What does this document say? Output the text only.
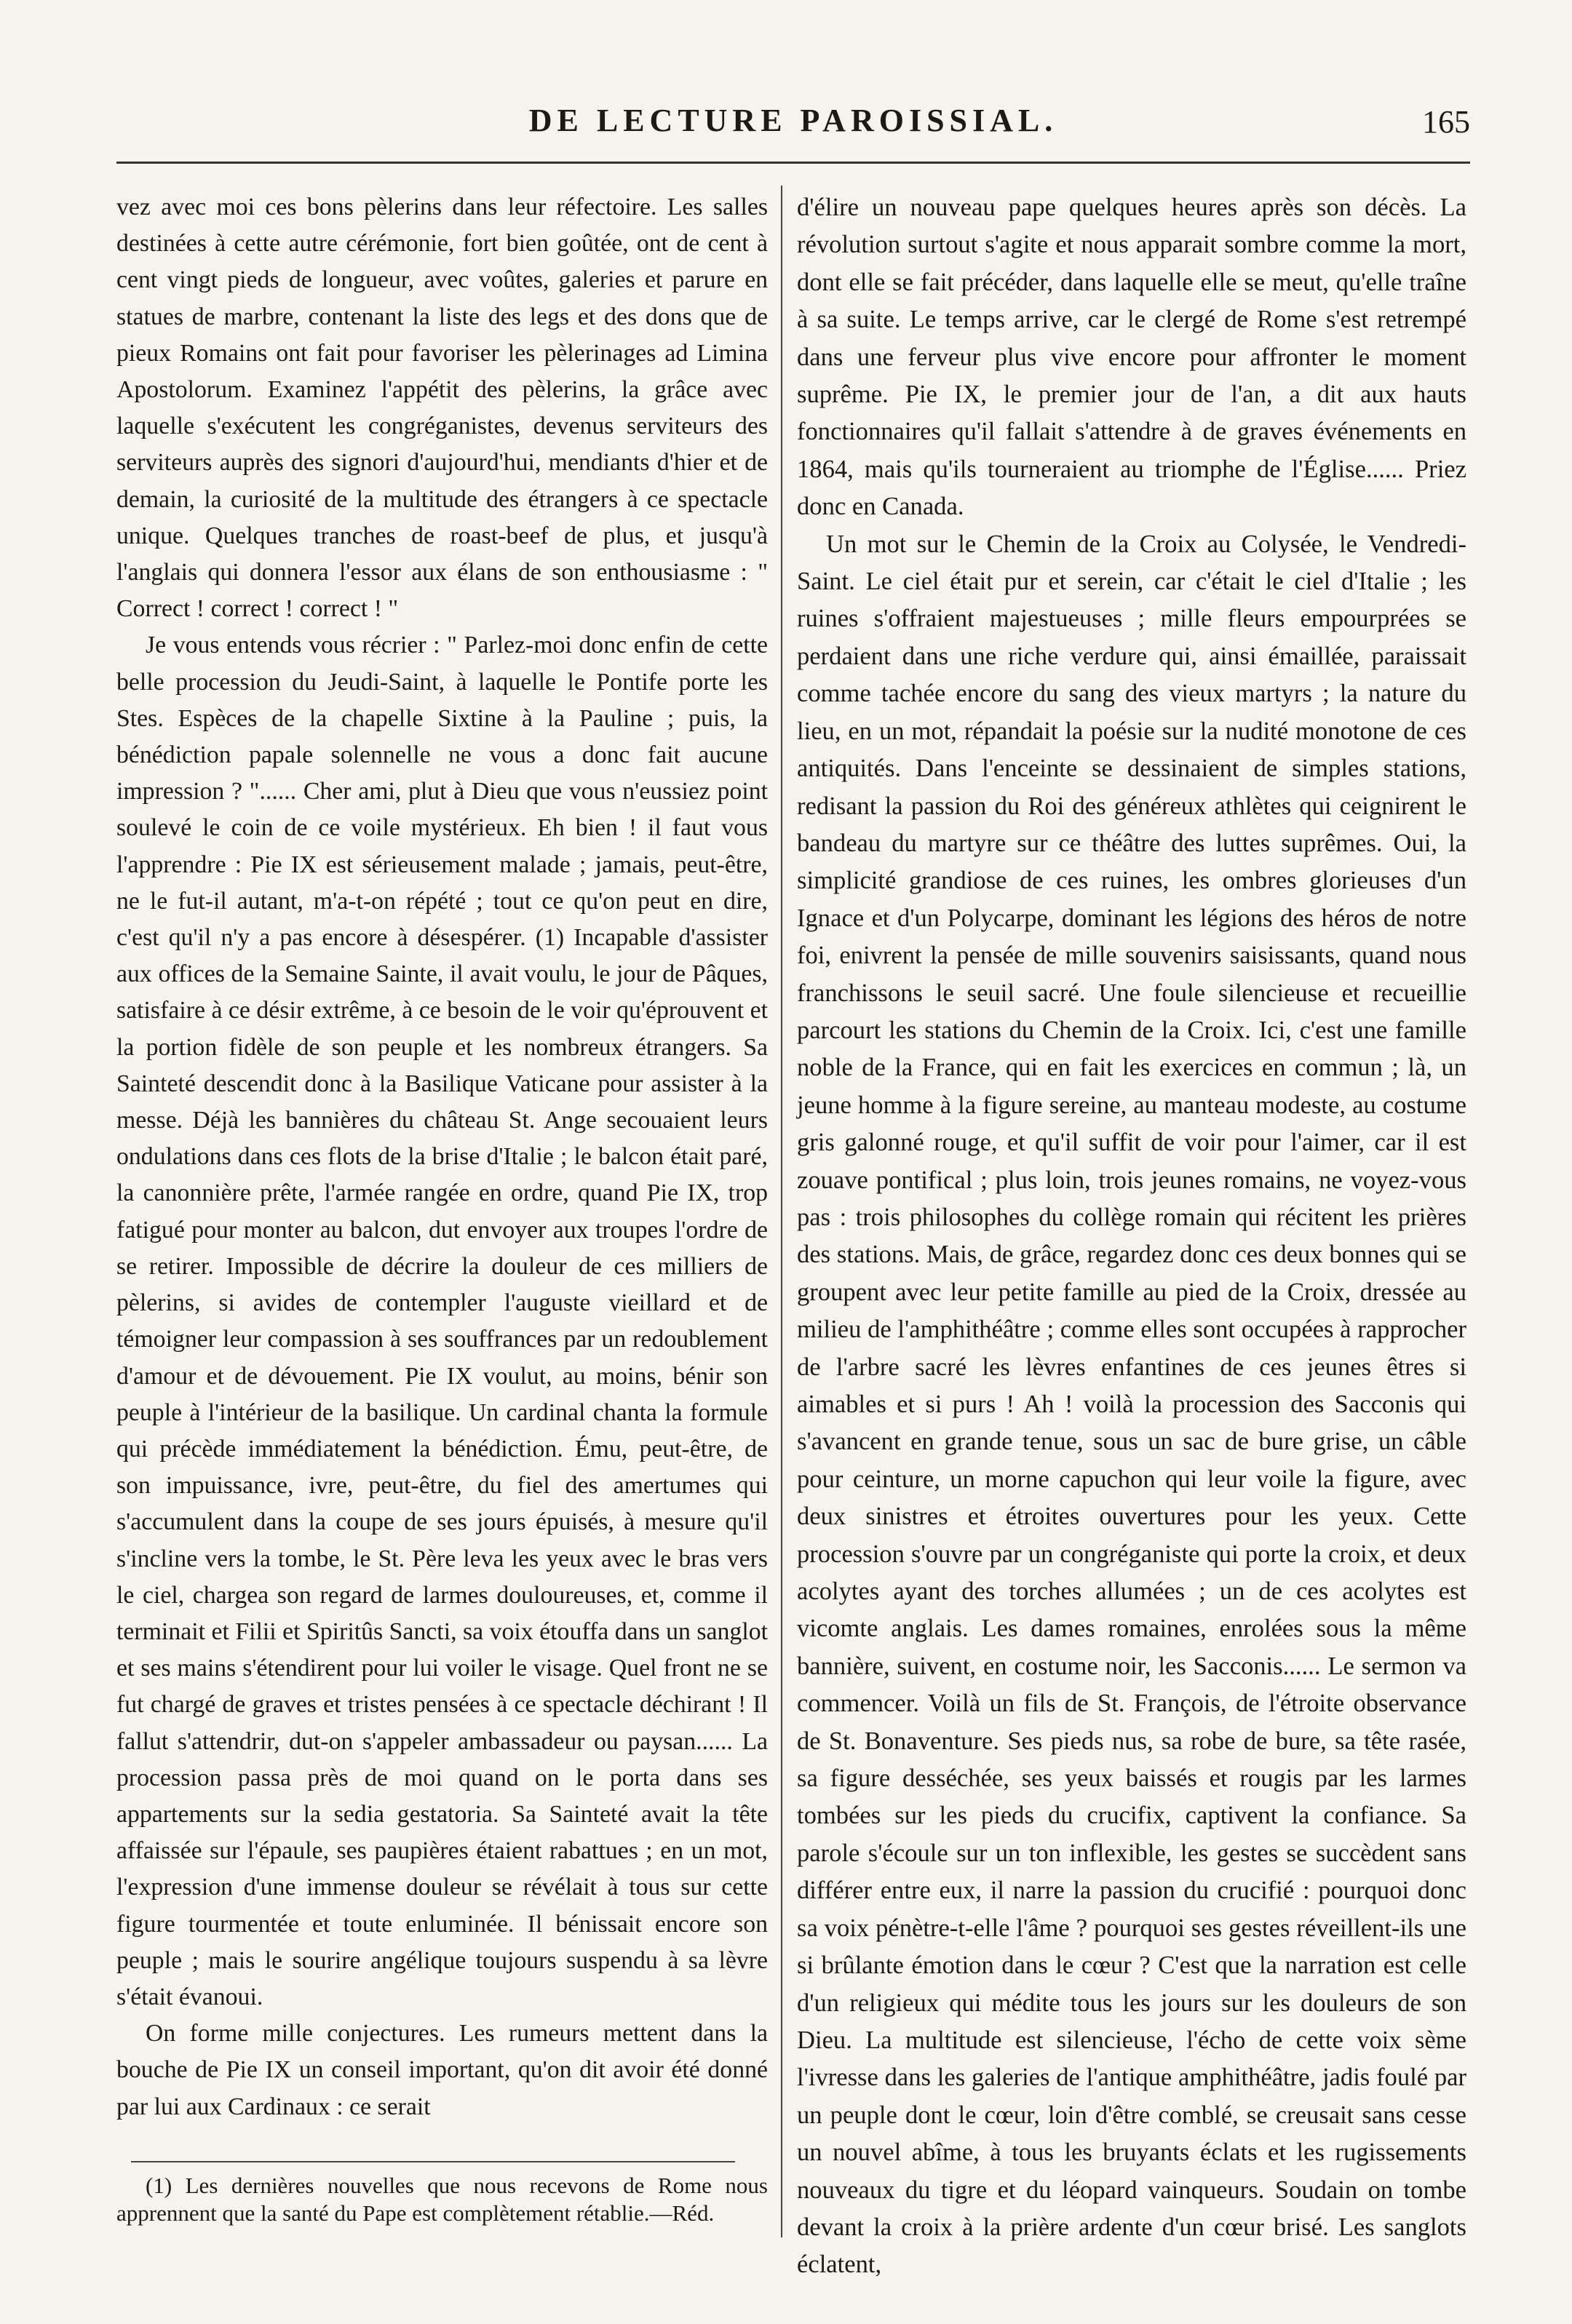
DE LECTURE PAROISSIAL.	165

vez avec moi ces bons pèlerins dans leur réfectoire. Les salles destinées à cette autre cérémonie, fort bien goûtée, ont de cent à cent vingt pieds de longueur, avec voûtes, galeries et parure en statues de marbre, contenant la liste des legs et des dons que de pieux Romains ont fait pour favoriser les pèlerinages ad Limina Apostolorum. Examinez l'appétit des pèlerins, la grâce avec laquelle s'exécutent les congréganistes, devenus serviteurs des serviteurs auprès des signori d'aujourd'hui, mendiants d'hier et de demain, la curiosité de la multitude des étrangers à ce spectacle unique. Quelques tranches de roast-beef de plus, et jusqu'à l'anglais qui donnera l'essor aux élans de son enthousiasme : " Correct ! correct ! correct ! "

Je vous entends vous récrier : " Parlez-moi donc enfin de cette belle procession du Jeudi-Saint, à laquelle le Pontife porte les Stes. Espèces de la chapelle Sixtine à la Pauline ; puis, la bénédiction papale solennelle ne vous a donc fait aucune impression ? "...... Cher ami, plut à Dieu que vous n'eussiez point soulevé le coin de ce voile mystérieux. Eh bien ! il faut vous l'apprendre : Pie IX est sérieusement malade ; jamais, peut-être, ne le fut-il autant, m'a-t-on répété ; tout ce qu'on peut en dire, c'est qu'il n'y a pas encore à désespérer. (1) Incapable d'assister aux offices de la Semaine Sainte, il avait voulu, le jour de Pâques, satisfaire à ce désir extrême, à ce besoin de le voir qu'éprouvent et la portion fidèle de son peuple et les nombreux étrangers. Sa Sainteté descendit donc à la Basilique Vaticane pour assister à la messe. Déjà les bannières du château St. Ange secouaient leurs ondulations dans ces flots de la brise d'Italie ; le balcon était paré, la canonnière prête, l'armée rangée en ordre, quand Pie IX, trop fatigué pour monter au balcon, dut envoyer aux troupes l'ordre de se retirer. Impossible de décrire la douleur de ces milliers de pèlerins, si avides de contempler l'auguste vieillard et de témoigner leur compassion à ses souffrances par un redoublement d'amour et de dévouement. Pie IX voulut, au moins, bénir son peuple à l'intérieur de la basilique. Un cardinal chanta la formule qui précède immédiatement la bénédiction. Ému, peut-être, de son impuissance, ivre, peut-être, du fiel des amertumes qui s'accumulent dans la coupe de ses jours épuisés, à mesure qu'il s'incline vers la tombe, le St. Père leva les yeux avec le bras vers le ciel, chargea son regard de larmes douloureuses, et, comme il terminait et Filii et Spiritûs Sancti, sa voix étouffa dans un sanglot et ses mains s'étendirent pour lui voiler le visage. Quel front ne se fut chargé de graves et tristes pensées à ce spectacle déchirant ! Il fallut s'attendrir, dut-on s'appeler ambassadeur ou paysan...... La procession passa près de moi quand on le porta dans ses appartements sur la sedia gestatoria. Sa Sainteté avait la tête affaissée sur l'épaule, ses paupières étaient rabattues ; en un mot, l'expression d'une immense douleur se révélait à tous sur cette figure tourmentée et toute enluminée. Il bénissait encore son peuple ; mais le sourire angélique toujours suspendu à sa lèvre s'était évanoui.

On forme mille conjectures. Les rumeurs mettent dans la bouche de Pie IX un conseil important, qu'on dit avoir été donné par lui aux Cardinaux : ce serait

d'élire un nouveau pape quelques heures après son décès. La révolution surtout s'agite et nous apparait sombre comme la mort, dont elle se fait précéder, dans laquelle elle se meut, qu'elle traîne à sa suite. Le temps arrive, car le clergé de Rome s'est retrempé dans une ferveur plus vive encore pour affronter le moment suprême. Pie IX, le premier jour de l'an, a dit aux hauts fonctionnaires qu'il fallait s'attendre à de graves événements en 1864, mais qu'ils tourneraient au triomphe de l'Église...... Priez donc en Canada.

Un mot sur le Chemin de la Croix au Colysée, le Vendredi-Saint. Le ciel était pur et serein, car c'était le ciel d'Italie ; les ruines s'offraient majestueuses ; mille fleurs empourprées se perdaient dans une riche verdure qui, ainsi émaillée, paraissait comme tachée encore du sang des vieux martyrs ; la nature du lieu, en un mot, répandait la poésie sur la nudité monotone de ces antiquités. Dans l'enceinte se dessinaient de simples stations, redisant la passion du Roi des généreux athlètes qui ceignirent le bandeau du martyre sur ce théâtre des luttes suprêmes. Oui, la simplicité grandiose de ces ruines, les ombres glorieuses d'un Ignace et d'un Polycarpe, dominant les légions des héros de notre foi, enivrent la pensée de mille souvenirs saisissants, quand nous franchissons le seuil sacré. Une foule silencieuse et recueillie parcourt les stations du Chemin de la Croix. Ici, c'est une famille noble de la France, qui en fait les exercices en commun ; là, un jeune homme à la figure sereine, au manteau modeste, au costume gris galonné rouge, et qu'il suffit de voir pour l'aimer, car il est zouave pontifical ; plus loin, trois jeunes romains, ne voyez-vous pas : trois philosophes du collège romain qui récitent les prières des stations. Mais, de grâce, regardez donc ces deux bonnes qui se groupent avec leur petite famille au pied de la Croix, dressée au milieu de l'amphithéâtre ; comme elles sont occupées à rapprocher de l'arbre sacré les lèvres enfantines de ces jeunes êtres si aimables et si purs ! Ah ! voilà la procession des Sacconis qui s'avancent en grande tenue, sous un sac de bure grise, un câble pour ceinture, un morne capuchon qui leur voile la figure, avec deux sinistres et étroites ouvertures pour les yeux. Cette procession s'ouvre par un congréganiste qui porte la croix, et deux acolytes ayant des torches allumées ; un de ces acolytes est vicomte anglais. Les dames romaines, enrolées sous la même bannière, suivent, en costume noir, les Sacconis...... Le sermon va commencer. Voilà un fils de St. François, de l'étroite observance de St. Bonaventure. Ses pieds nus, sa robe de bure, sa tête rasée, sa figure desséchée, ses yeux baissés et rougis par les larmes tombées sur les pieds du crucifix, captivent la confiance. Sa parole s'écoule sur un ton inflexible, les gestes se succèdent sans différer entre eux, il narre la passion du crucifié : pourquoi donc sa voix pénètre-t-elle l'âme ? pourquoi ses gestes réveillent-ils une si brûlante émotion dans le cœur ? C'est que la narration est celle d'un religieux qui médite tous les jours sur les douleurs de son Dieu. La multitude est silencieuse, l'écho de cette voix sème l'ivresse dans les galeries de l'antique amphithéâtre, jadis foulé par un peuple dont le cœur, loin d'être comblé, se creusait sans cesse un nouvel abîme, à tous les bruyants éclats et les rugissements nouveaux du tigre et du léopard vainqueurs. Soudain on tombe devant la croix à la prière ardente d'un cœur brisé. Les sanglots éclatent,

(1) Les dernières nouvelles que nous recevons de Rome nous apprennent que la santé du Pape est complètement rétablie.—Réd.
